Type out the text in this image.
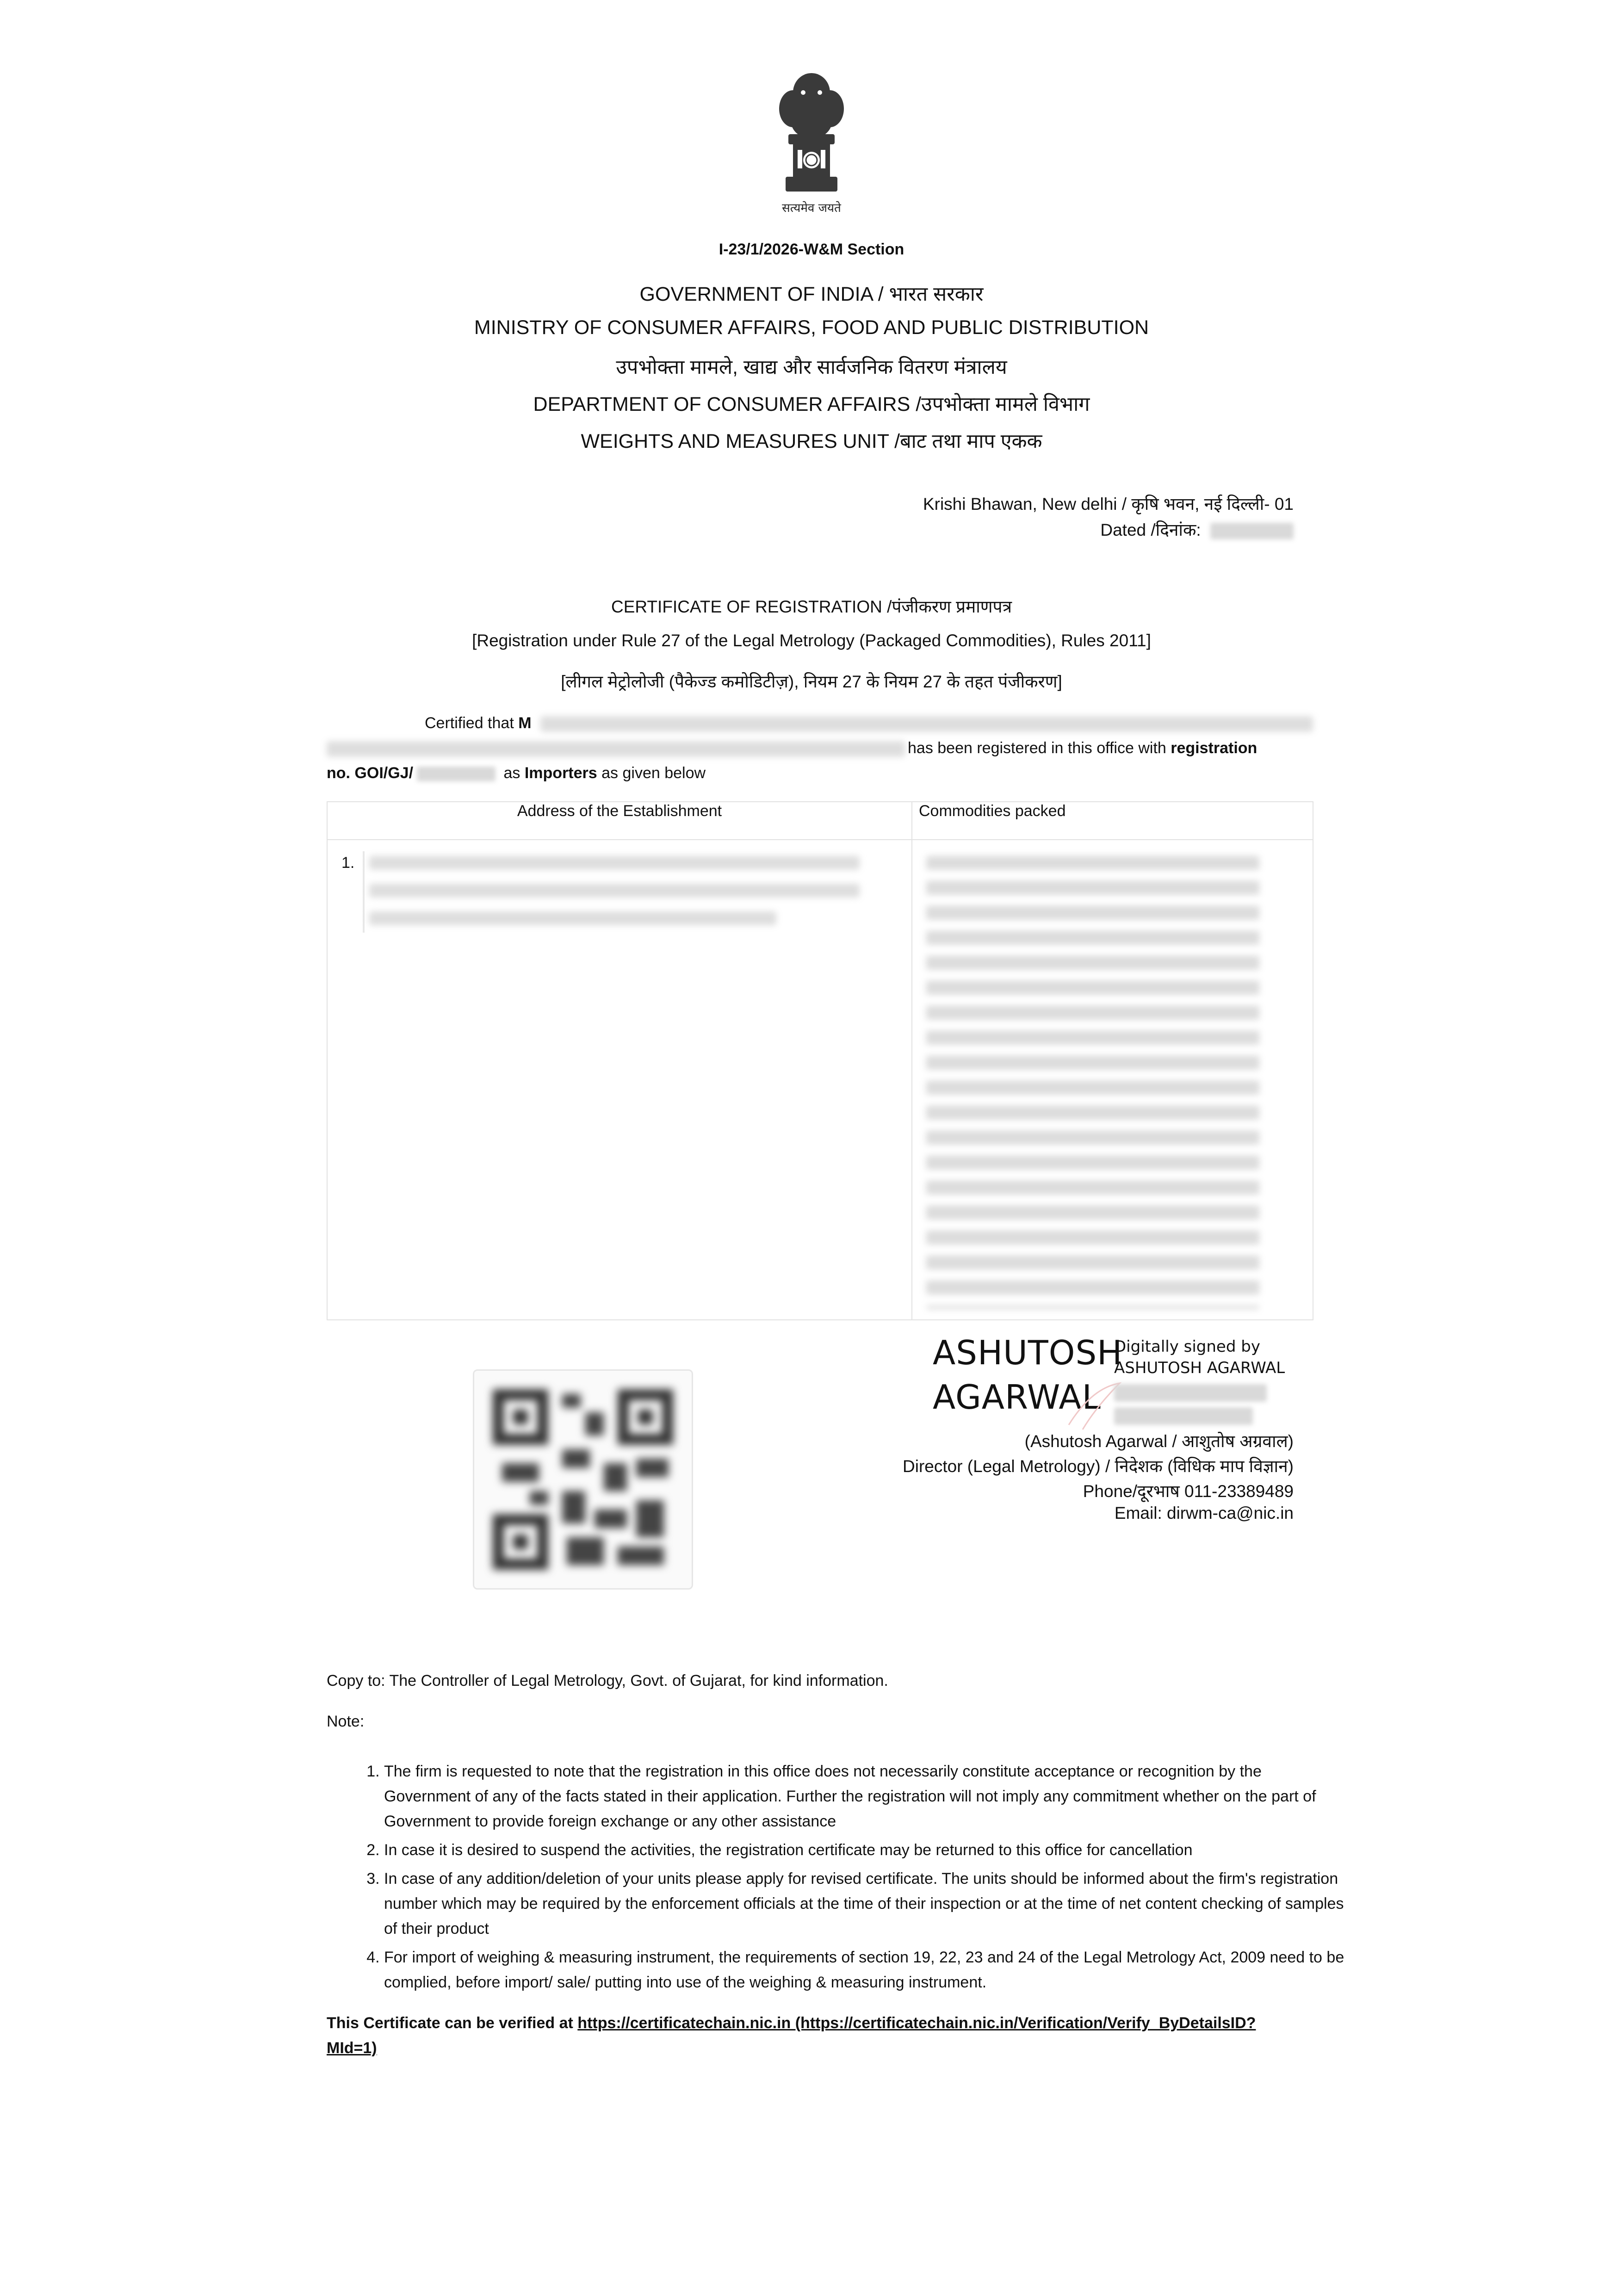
सत्यमेव जयते
I-23/1/2026-W&M Section
GOVERNMENT OF INDIA / भारत सरकार
MINISTRY OF CONSUMER AFFAIRS, FOOD AND PUBLIC DISTRIBUTION
उपभोक्ता मामले, खाद्य और सार्वजनिक वितरण मंत्रालय
DEPARTMENT OF CONSUMER AFFAIRS /उपभोक्ता मामले विभाग
WEIGHTS AND MEASURES UNIT /बाट तथा माप एकक
Krishi Bhawan, New delhi / कृषि भवन, नई दिल्ली- 01
Dated /दिनांक:
CERTIFICATE OF REGISTRATION /पंजीकरण प्रमाणपत्र
[Registration under Rule 27 of the Legal Metrology (Packaged Commodities), Rules 2011]
[लीगल मेट्रोलोजी (पैकेज्ड कमोडिटीज़), नियम 27 के नियम 27 के तहत पंजीकरण]
Certified that M
has been registered in this office with registration
no. GOI/GJ/	as Importers as given below
Address of the Establishment	Commodities packed

1.	

ASHUTOSH
AGARWAL
Digitally signed by
ASHUTOSH AGARWAL
(Ashutosh Agarwal / आशुतोष अग्रवाल)
Director (Legal Metrology) / निदेशक (विधिक माप विज्ञान)
Phone/दूरभाष 011-23389489
Email: dirwm-ca@nic.in
Copy to: The Controller of Legal Metrology, Govt. of Gujarat, for kind information.
Note:
1. The firm is requested to note that the registration in this office does not necessarily constitute acceptance or recognition by the Government of any of the facts stated in their application. Further the registration will not imply any commitment whether on the part of Government to provide foreign exchange or any other assistance
2. In case it is desired to suspend the activities, the registration certificate may be returned to this office for cancellation
3. In case of any addition/deletion of your units please apply for revised certificate. The units should be informed about the firm's registration number which may be required by the enforcement officials at the time of their inspection or at the time of net content checking of samples of their product
4. For import of weighing & measuring instrument, the requirements of section 19, 22, 23 and 24 of the Legal Metrology Act, 2009 need to be complied, before import/ sale/ putting into use of the weighing & measuring instrument.
This Certificate can be verified at https://certificatechain.nic.in (https://certificatechain.nic.in/Verification/Verify_ByDetailsID?MId=1)
